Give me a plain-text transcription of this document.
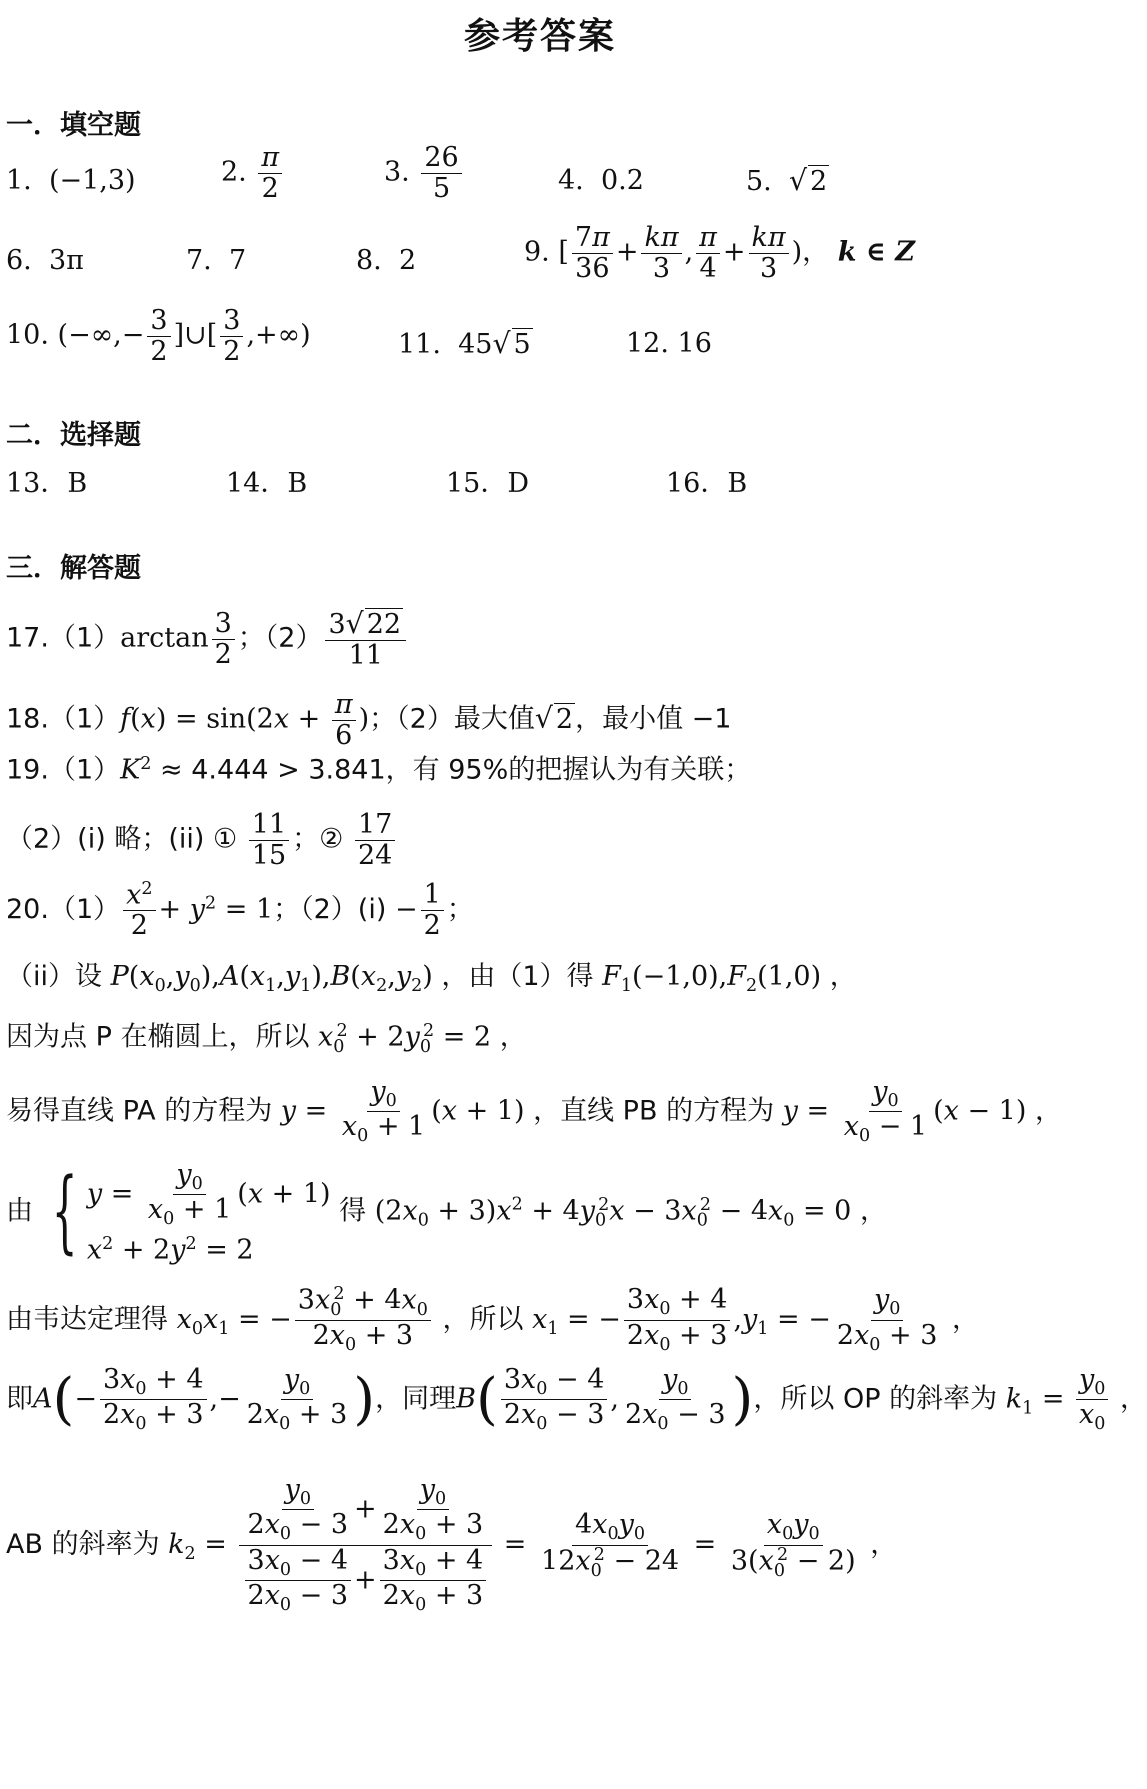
参考答案
一．填空题
1. (−1,3)	2. $\frac{\pi}{2}$	3. $\frac{26}{5}$	4. 0.2	5. √ 2
6. 3π	7. 7	8. 2	9. [ $\frac{7\pi}{36} + \frac{k\pi}{3}$ , $\frac{\pi}{4} + \frac{k\pi}{3}$ )， k ∈ Z
10. (−∞,− $\frac{3}{2}$ ]∪[ $\frac{3}{2}$ ,+∞)	11. 45√ 5	12. 16
二．选择题
13．B	14．B	15．D	16．B
三．解答题
$17.(1)\arctan \frac{3}{2}$ ；$(2) \frac{3√ 22}{11}$
$18.(1)f(x) = \sin(2x + \frac{\pi}{6}$ )；（2）最大值√ 2，最小值 −1
$19.(1)K^2 \approx 4.444 > 3.841$，有 95%的把握认为有关联；
（2）(i) 略；(ii) ① $\frac{11}{15}$ ；② $\frac{17}{24}$
$20.(1) \frac{x^2}{2} + y^2 = 1$；$(2)(i) - \frac{1}{2}$ ；
（ii）设 $P(x_0,y_0),A(x_1,y_1),B(x_2,y_2)$ ，由（1）得 $F_1(-1,0),F_2(1,0)$ ，
因为点 P 在椭圆上，所以 $x_0^2 + 2y_0^2 = 2$ ，
易得直线 PA 的方程为 $y = \frac{y_0}{x_0 + 1} (x + 1)$ ，直线 PB 的方程为 $y = \frac{y_0}{x_0 - 1} (x - 1)$ ，
由 { $y = \frac{y_0}{x_0 + 1} (x + 1)$
$x^2 + 2y^2 = 2$
得 $(2x_0 + 3)x^2 + 4y_0^2x - 3x_0^2 - 4x_0 = 0$ ，
由韦达定理得 $x_0x_1$ = − $\frac{3x_0^2 + 4x_0}{2x_0 + 3}$ ，所以 $x_1$ = − $\frac{3x_0 + 4}{2x_0 + 3} ,y_1$ = − $\frac{y_0}{2x_0 + 3}$ ，
即$A(- \frac{3x_0 + 4}{2x_0 + 3}$ ,− $\frac{y_0}{2x_0 + 3}$ )，同理$B( \frac{3x_0 - 4}{2x_0 - 3}$ , $\frac{y_0}{2x_0 - 3}$ )，所以 OP 的斜率为 $k_1 = \frac{y_0}{x_0}$ ，
AB 的斜率为 $k_2 = \frac{\frac{y_0}{2x_0 - 3} + \frac{y_0}{2x_0 + 3}}{\frac{3x_0 - 4}{2x_0 - 3} + \frac{3x_0 + 4}{2x_0 + 3}} = \frac{4x_0y_0}{12x_0^2 - 24} = \frac{x_0y_0}{3(x_0^2 - 2)}$ ，
